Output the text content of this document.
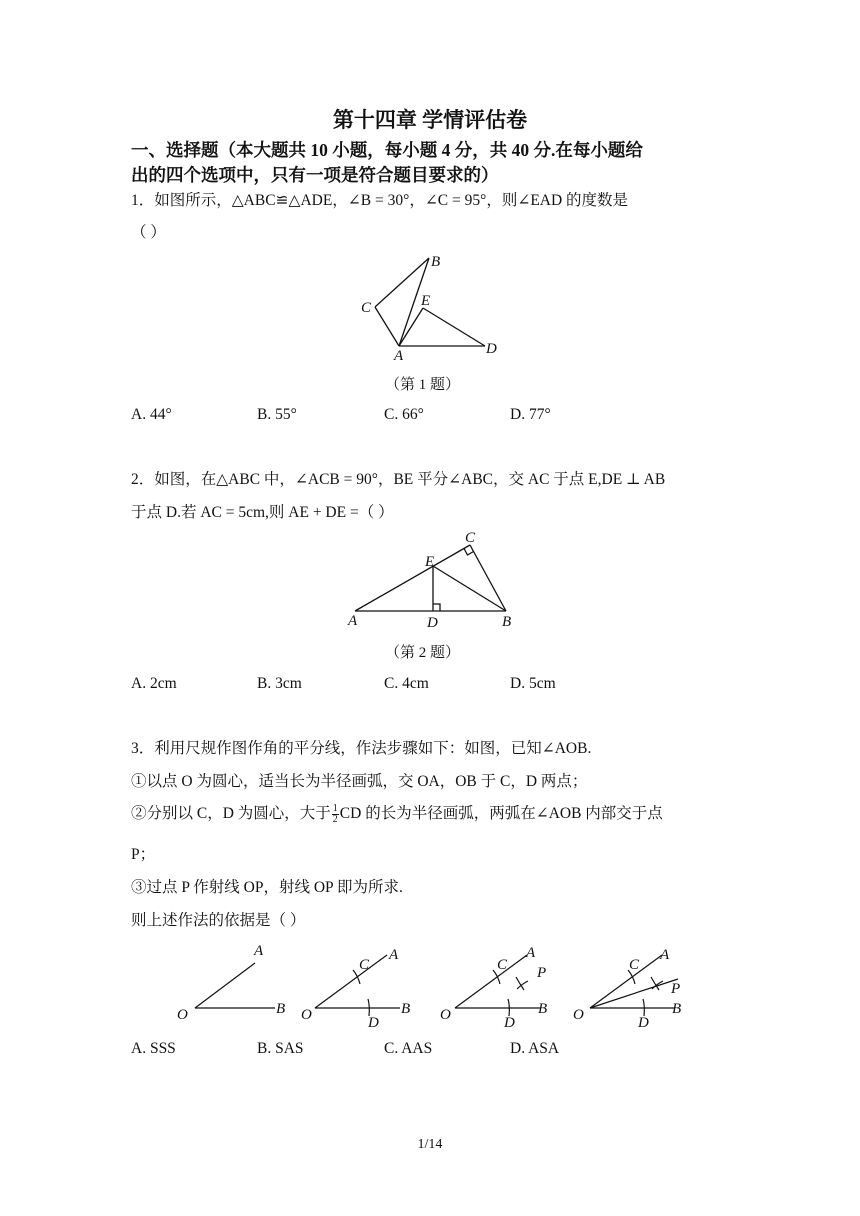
第十四章 学情评估卷
一、选择题（本大题共 10 小题，每小题 4 分，共 40 分.在每小题给
出的四个选项中，只有一项是符合题目要求的）
1．如图所示，△ABC≌△ADE，∠B = 30°，∠C = 95°，则∠EAD 的度数是
（ ）
B
C	E
A	D
（第 1 题）
A. 44°	B. 55°	C. 66°	D. 77°
2．如图，在△ABC 中，∠ACB = 90°，BE 平分∠ABC，交 AC 于点 E,DE ⊥ AB
于点 D.若 AC = 5cm,则 AE + DE =（ ）
C
E
A	D	B
（第 2 题）
A. 2cm	B. 3cm	C. 4cm	D. 5cm
3．利用尺规作图作角的平分线，作法步骤如下：如图，已知∠AOB.
①以点 O 为圆心，适当长为半径画弧，交 OA，OB 于 C，D 两点；
②分别以 C，D 为圆心，大于 $\frac{1}{2}$ CD 的长为半径画弧，两弧在∠AOB 内部交于点
P；
③过点 P 作射线 OP，射线 OP 即为所求.
则上述作法的依据是（ ）
O
A
B O
A
B
C
D	O
A
B
C
D
P
O
A
B
C
D
P
A. SSS	B. SAS	C. AAS	D. ASA
1/14
